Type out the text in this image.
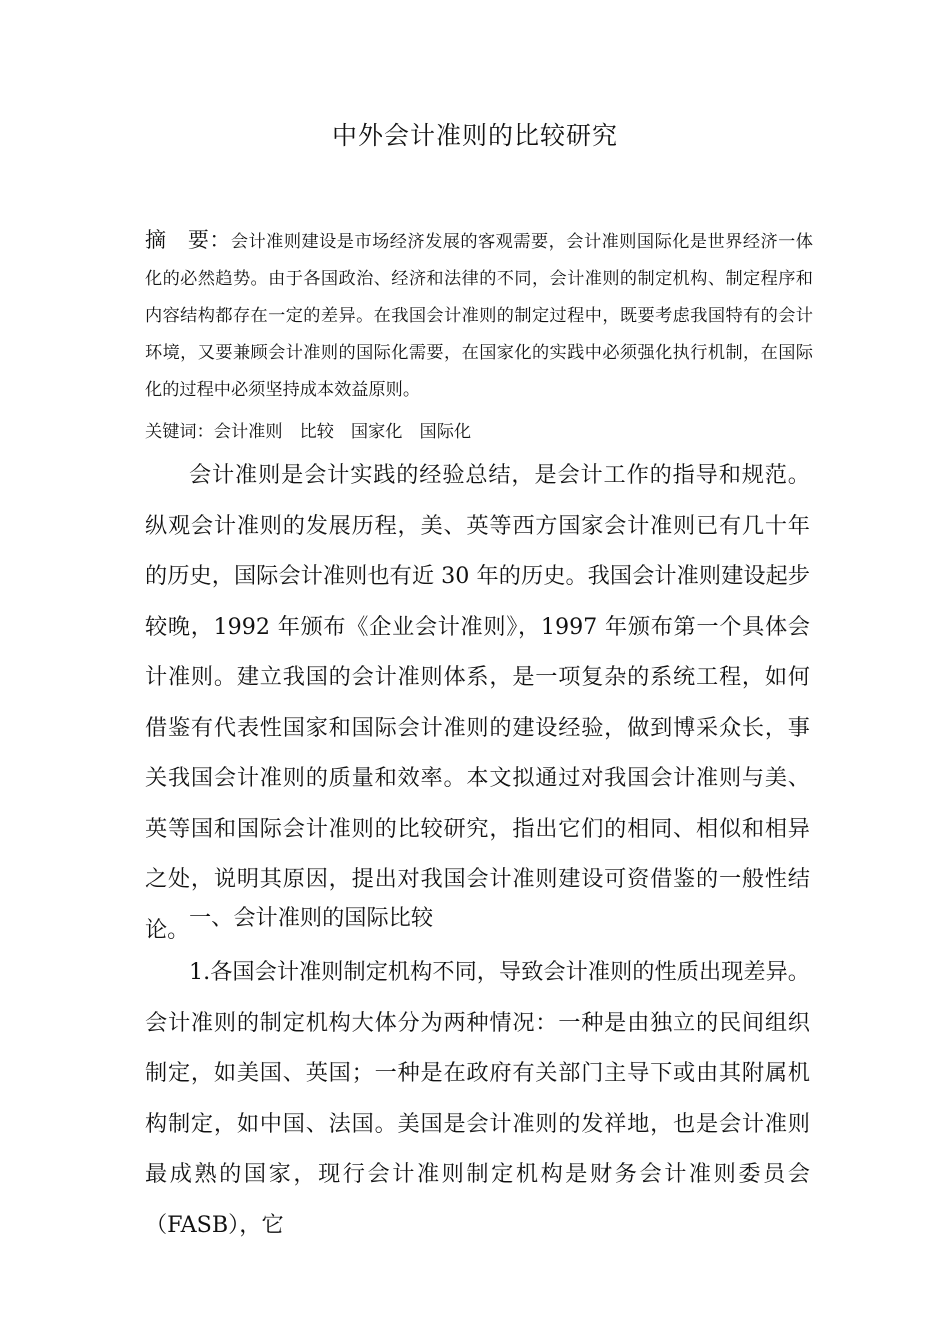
中外会计准则的比较研究
摘　要：会计准则建设是市场经济发展的客观需要，会计准则国际化是世界经济一体化的必然趋势。由于各国政治、经济和法律的不同，会计准则的制定机构、制定程序和内容结构都存在一定的差异。在我国会计准则的制定过程中，既要考虑我国特有的会计环境，又要兼顾会计准则的国际化需要，在国家化的实践中必须强化执行机制，在国际化的过程中必须坚持成本效益原则。
关键词：会计准则 比较 国家化 国际化
会计准则是会计实践的经验总结，是会计工作的指导和规范。纵观会计准则的发展历程，美、英等西方国家会计准则已有几十年的历史，国际会计准则也有近 30 年的历史。我国会计准则建设起步较晚，1992 年颁布《企业会计准则》，1997 年颁布第一个具体会计准则。建立我国的会计准则体系，是一项复杂的系统工程，如何借鉴有代表性国家和国际会计准则的建设经验，做到博采众长，事关我国会计准则的质量和效率。本文拟通过对我国会计准则与美、英等国和国际会计准则的比较研究，指出它们的相同、相似和相异之处，说明其原因，提出对我国会计准则建设可资借鉴的一般性结论。 一、会计准则的国际比较
1.各国会计准则制定机构不同，导致会计准则的性质出现差异。会计准则的制定机构大体分为两种情况：一种是由独立的民间组织制定，如美国、英国；一种是在政府有关部门主导下或由其附属机构制定，如中国、法国。美国是会计准则的发祥地，也是会计准则最成熟的国家，现行会计准则制定机构是财务会计准则委员会（FASB），它
